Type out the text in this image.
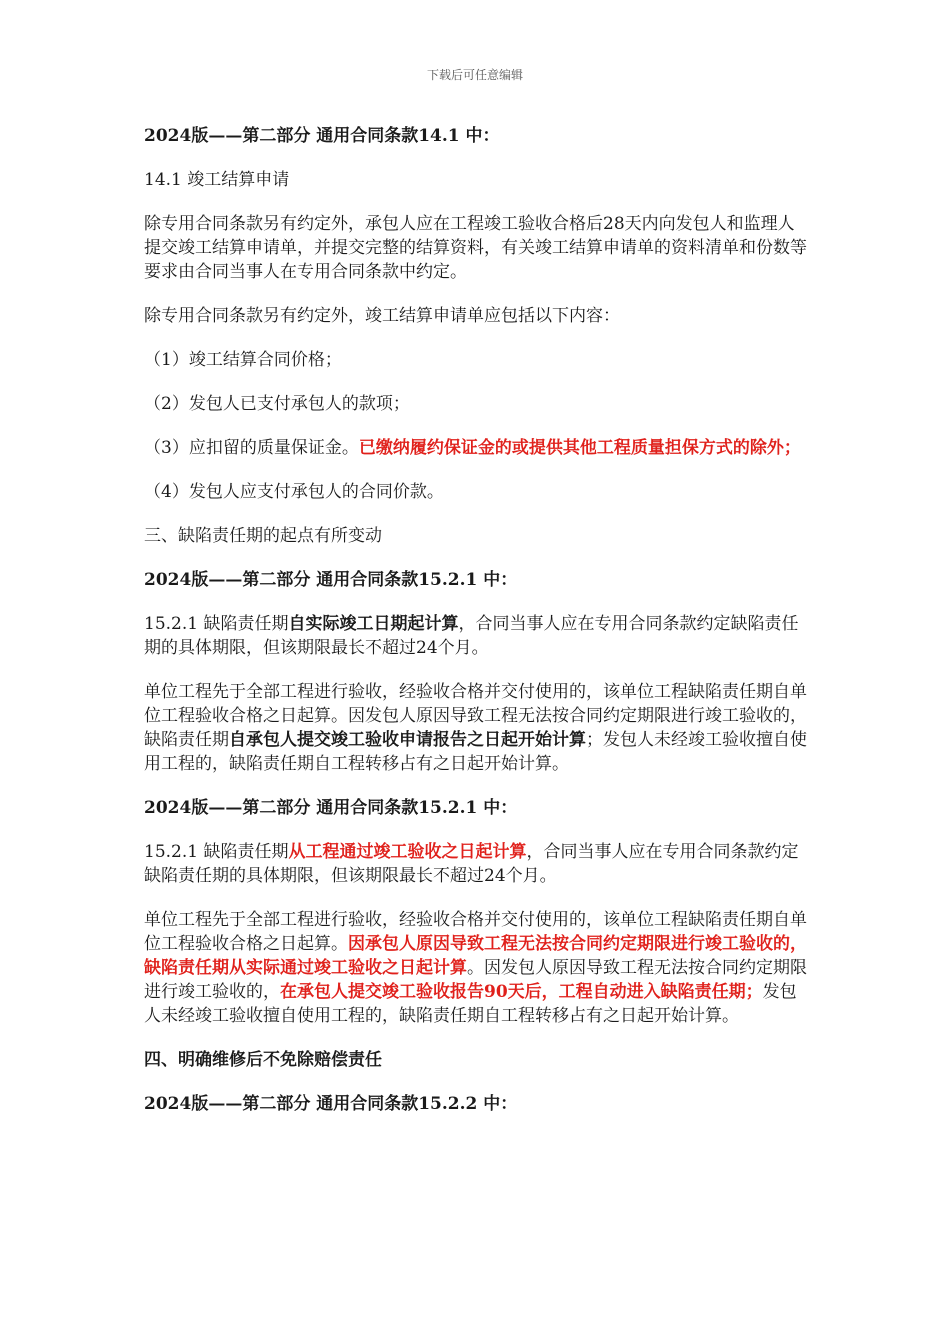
下载后可任意编辑

2024版——第二部分 通用合同条款14.1 中：

14.1 竣工结算申请

除专用合同条款另有约定外，承包人应在工程竣工验收合格后28天内向发包人和监理人提交竣工结算申请单，并提交完整的结算资料，有关竣工结算申请单的资料清单和份数等要求由合同当事人在专用合同条款中约定。

除专用合同条款另有约定外，竣工结算申请单应包括以下内容：

（1）竣工结算合同价格；

（2）发包人已支付承包人的款项；

（3）应扣留的质量保证金。已缴纳履约保证金的或提供其他工程质量担保方式的除外；

（4）发包人应支付承包人的合同价款。

三、缺陷责任期的起点有所变动

2024版——第二部分 通用合同条款15.2.1 中：

15.2.1 缺陷责任期自实际竣工日期起计算，合同当事人应在专用合同条款约定缺陷责任期的具体期限，但该期限最长不超过24个月。

单位工程先于全部工程进行验收，经验收合格并交付使用的，该单位工程缺陷责任期自单位工程验收合格之日起算。因发包人原因导致工程无法按合同约定期限进行竣工验收的，缺陷责任期自承包人提交竣工验收申请报告之日起开始计算；发包人未经竣工验收擅自使用工程的，缺陷责任期自工程转移占有之日起开始计算。

2024版——第二部分 通用合同条款15.2.1 中：

15.2.1 缺陷责任期从工程通过竣工验收之日起计算，合同当事人应在专用合同条款约定缺陷责任期的具体期限，但该期限最长不超过24个月。

单位工程先于全部工程进行验收，经验收合格并交付使用的，该单位工程缺陷责任期自单位工程验收合格之日起算。因承包人原因导致工程无法按合同约定期限进行竣工验收的，缺陷责任期从实际通过竣工验收之日起计算。因发包人原因导致工程无法按合同约定期限进行竣工验收的，在承包人提交竣工验收报告90天后，工程自动进入缺陷责任期；发包人未经竣工验收擅自使用工程的，缺陷责任期自工程转移占有之日起开始计算。

四、明确维修后不免除赔偿责任

2024版——第二部分 通用合同条款15.2.2 中：
